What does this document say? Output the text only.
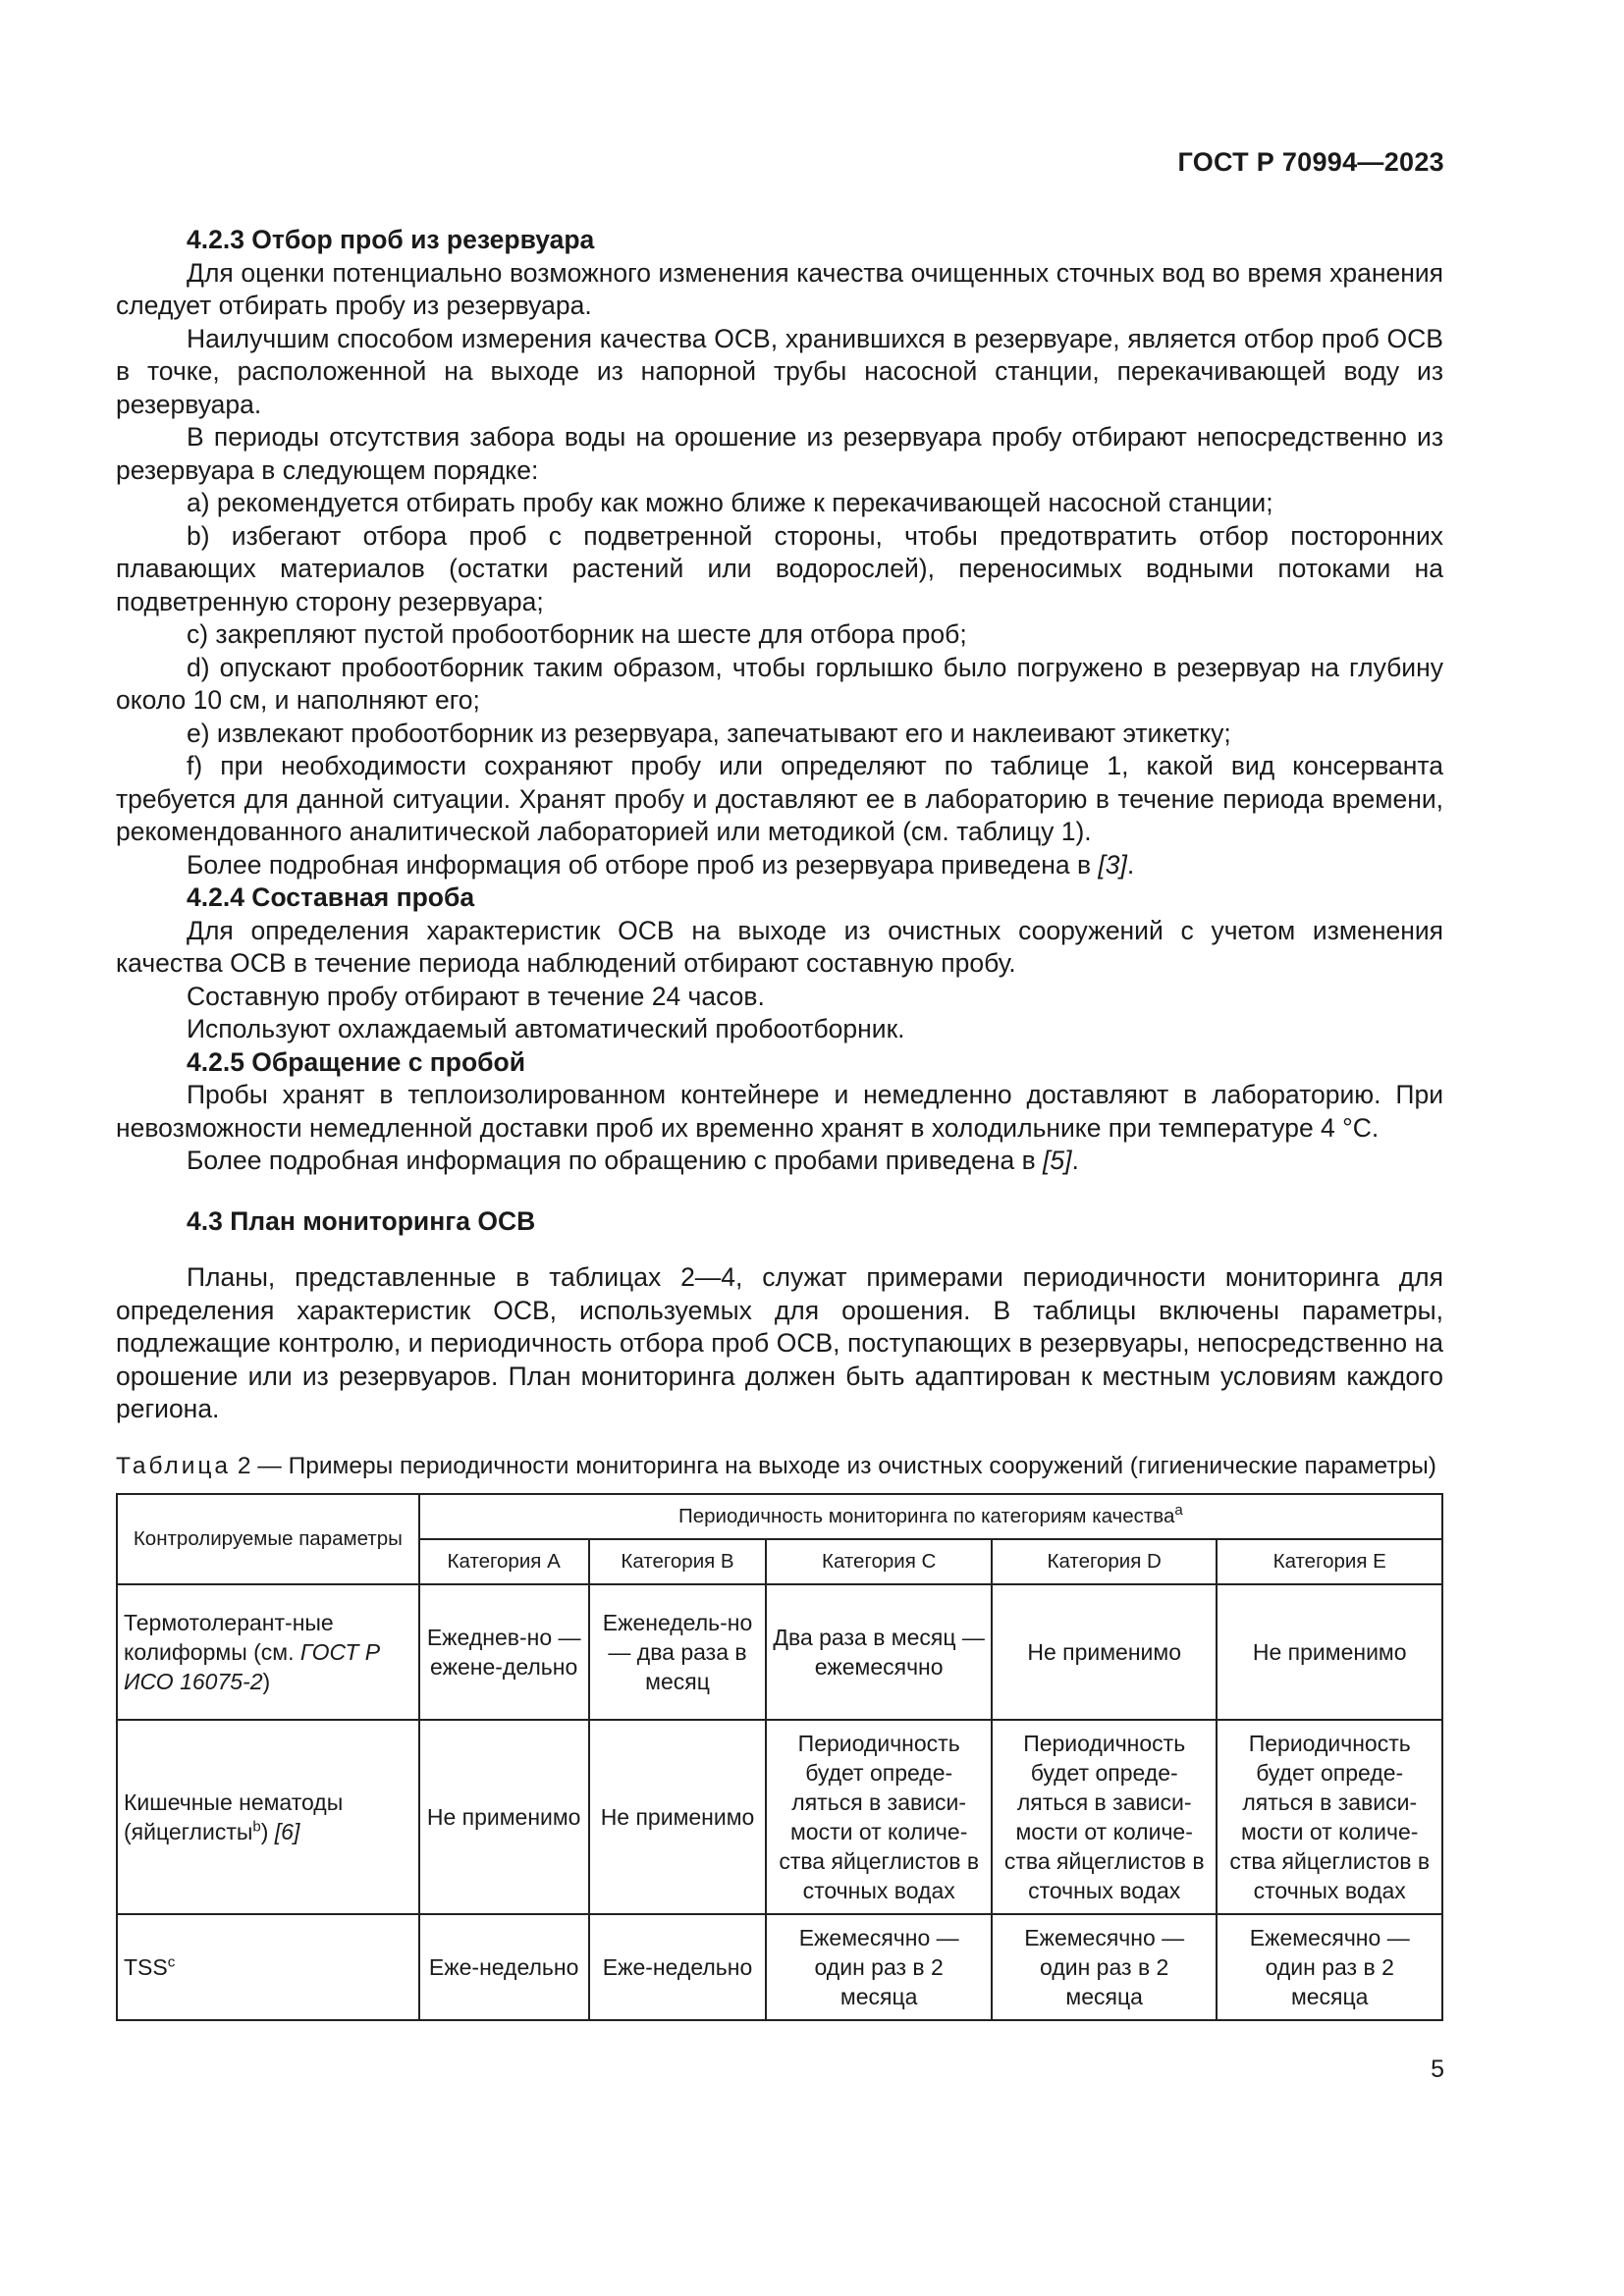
ГОСТ Р 70994—2023

4.2.3 Отбор проб из резервуара

Для оценки потенциально возможного изменения качества очищенных сточных вод во время хранения следует отбирать пробу из резервуара.

Наилучшим способом измерения качества ОСВ, хранившихся в резервуаре, является отбор проб ОСВ в точке, расположенной на выходе из напорной трубы насосной станции, перекачивающей воду из резервуара.

В периоды отсутствия забора воды на орошение из резервуара пробу отбирают непосредственно из резервуара в следующем порядке:

a) рекомендуется отбирать пробу как можно ближе к перекачивающей насосной станции;

b) избегают отбора проб с подветренной стороны, чтобы предотвратить отбор посторонних плавающих материалов (остатки растений или водорослей), переносимых водными потоками на подветренную сторону резервуара;

c) закрепляют пустой пробоотборник на шесте для отбора проб;

d) опускают пробоотборник таким образом, чтобы горлышко было погружено в резервуар на глубину около 10 см, и наполняют его;

e) извлекают пробоотборник из резервуара, запечатывают его и наклеивают этикетку;

f) при необходимости сохраняют пробу или определяют по таблице 1, какой вид консерванта требуется для данной ситуации. Хранят пробу и доставляют ее в лабораторию в течение периода времени, рекомендованного аналитической лабораторией или методикой (см. таблицу 1).

Более подробная информация об отборе проб из резервуара приведена в [3].

4.2.4 Составная проба

Для определения характеристик ОСВ на выходе из очистных сооружений с учетом изменения качества ОСВ в течение периода наблюдений отбирают составную пробу.

Составную пробу отбирают в течение 24 часов.

Используют охлаждаемый автоматический пробоотборник.

4.2.5 Обращение с пробой

Пробы хранят в теплоизолированном контейнере и немедленно доставляют в лабораторию. При невозможности немедленной доставки проб их временно хранят в холодильнике при температуре 4 °C.

Более подробная информация по обращению с пробами приведена в [5].

4.3 План мониторинга ОСВ

Планы, представленные в таблицах 2—4, служат примерами периодичности мониторинга для определения характеристик ОСВ, используемых для орошения. В таблицы включены параметры, подлежащие контролю, и периодичность отбора проб ОСВ, поступающих в резервуары, непосредственно на орошение или из резервуаров. План мониторинга должен быть адаптирован к местным условиям каждого региона.

Таблица 2 — Примеры периодичности мониторинга на выходе из очистных сооружений (гигиенические параметры)
Контролируемые параметры	Периодичность мониторинга по категориям качества$^a$
	Категория A	Категория B	Категория C	Категория D	Категория E
Термотолерант-ные колиформы (см. ГОСТ Р ИСО 16075-2)	Ежеднев-но — ежене-дельно	Еженедель-но — два раза в месяц	Два раза в месяц — ежемесячно	Не применимо	Не применимо
Кишечные нематоды (яйцеглисты$^b$) [6]	Не применимо	Не применимо	Периодичность будет опреде-ляться в зависи-мости от количе-ства яйцеглистов в сточных водах	Периодичность будет опреде-ляться в зависи-мости от количе-ства яйцеглистов в сточных водах	Периодичность будет опреде-ляться в зависи-мости от количе-ства яйцеглистов в сточных водах
TSS$^c$	Еже-недельно	Еже-недельно	Ежемесячно — один раз в 2 месяца	Ежемесячно — один раз в 2 месяца	Ежемесячно — один раз в 2 месяца
5
